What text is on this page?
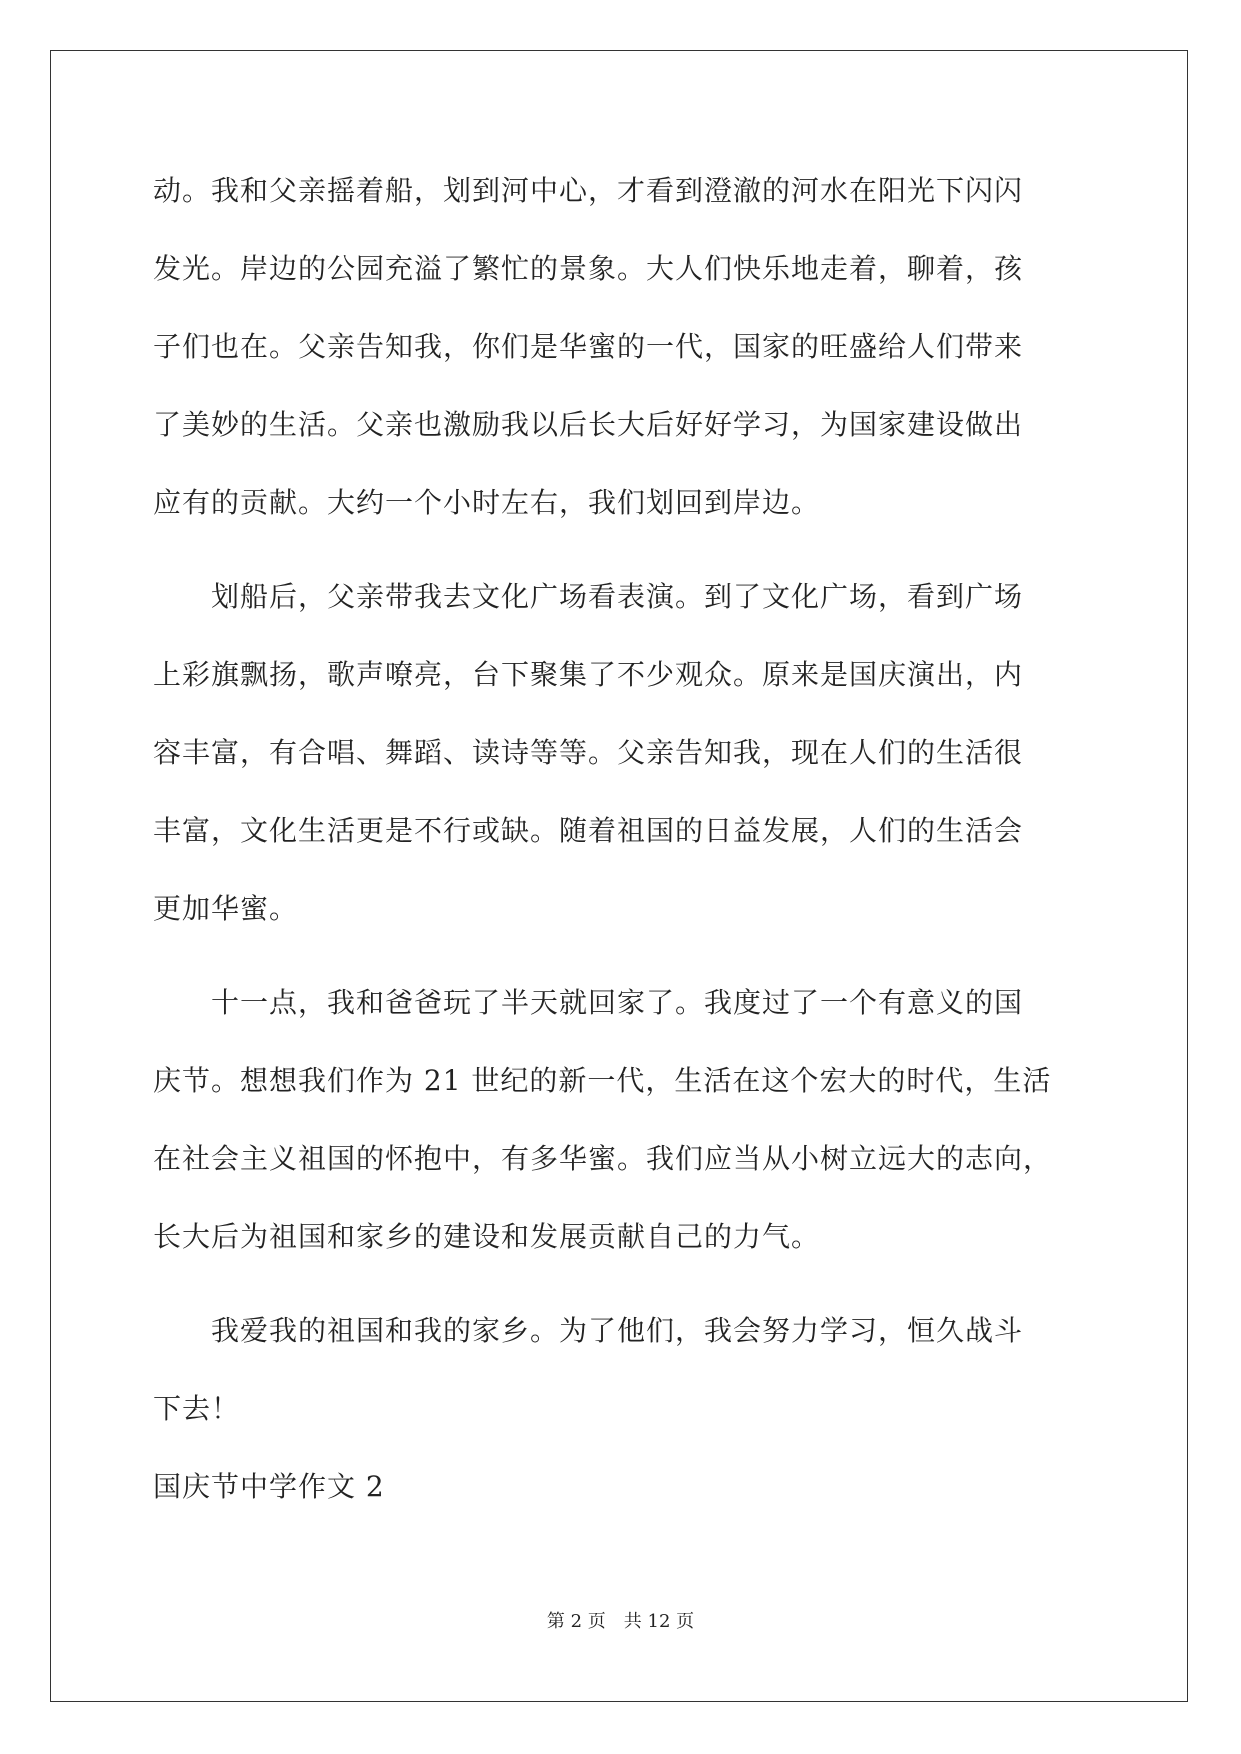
动。我和父亲摇着船，划到河中心，才看到澄澈的河水在阳光下闪闪
发光。岸边的公园充溢了繁忙的景象。大人们快乐地走着，聊着，孩
子们也在。父亲告知我，你们是华蜜的一代，国家的旺盛给人们带来
了美妙的生活。父亲也激励我以后长大后好好学习，为国家建设做出
应有的贡献。大约一个小时左右，我们划回到岸边。
　　划船后，父亲带我去文化广场看表演。到了文化广场，看到广场
上彩旗飘扬，歌声嘹亮，台下聚集了不少观众。原来是国庆演出，内
容丰富，有合唱、舞蹈、读诗等等。父亲告知我，现在人们的生活很
丰富，文化生活更是不行或缺。随着祖国的日益发展，人们的生活会
更加华蜜。
　　十一点，我和爸爸玩了半天就回家了。我度过了一个有意义的国
庆节。想想我们作为 21 世纪的新一代，生活在这个宏大的时代，生活
在社会主义祖国的怀抱中，有多华蜜。我们应当从小树立远大的志向，
长大后为祖国和家乡的建设和发展贡献自己的力气。
　　我爱我的祖国和我的家乡。为了他们，我会努力学习，恒久战斗
下去！
国庆节中学作文 2
第 2 页 共 12 页
